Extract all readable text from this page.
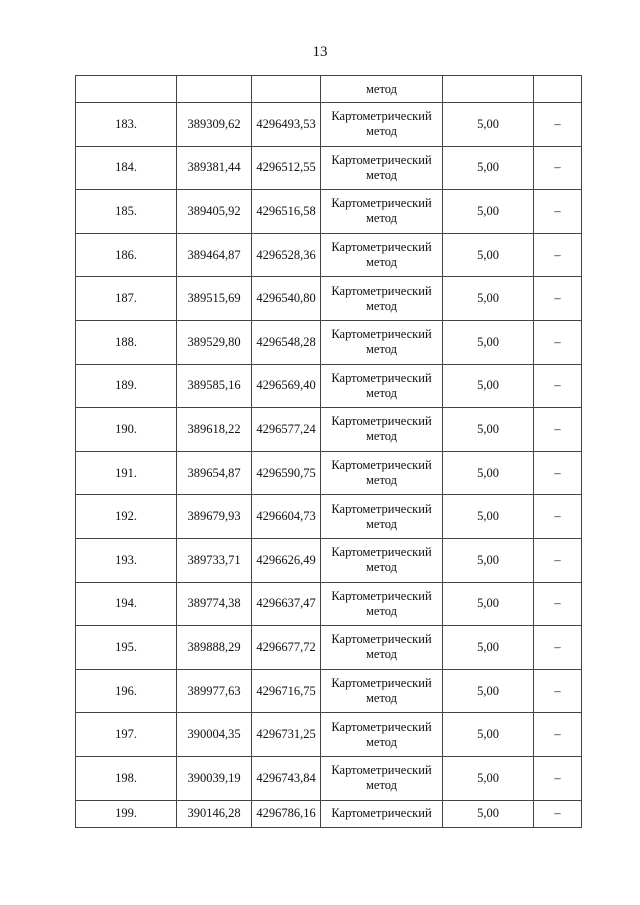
13
			метод		
183.	389309,62	4296493,53	Картометрический
метод	5,00	–
184.	389381,44	4296512,55	Картометрический
метод	5,00	–
185.	389405,92	4296516,58	Картометрический
метод	5,00	–
186.	389464,87	4296528,36	Картометрический
метод	5,00	–
187.	389515,69	4296540,80	Картометрический
метод	5,00	–
188.	389529,80	4296548,28	Картометрический
метод	5,00	–
189.	389585,16	4296569,40	Картометрический
метод	5,00	–
190.	389618,22	4296577,24	Картометрический
метод	5,00	–
191.	389654,87	4296590,75	Картометрический
метод	5,00	–
192.	389679,93	4296604,73	Картометрический
метод	5,00	–
193.	389733,71	4296626,49	Картометрический
метод	5,00	–
194.	389774,38	4296637,47	Картометрический
метод	5,00	–
195.	389888,29	4296677,72	Картометрический
метод	5,00	–
196.	389977,63	4296716,75	Картометрический
метод	5,00	–
197.	390004,35	4296731,25	Картометрический
метод	5,00	–
198.	390039,19	4296743,84	Картометрический
метод	5,00	–
199.	390146,28	4296786,16	Картометрический	5,00	–
